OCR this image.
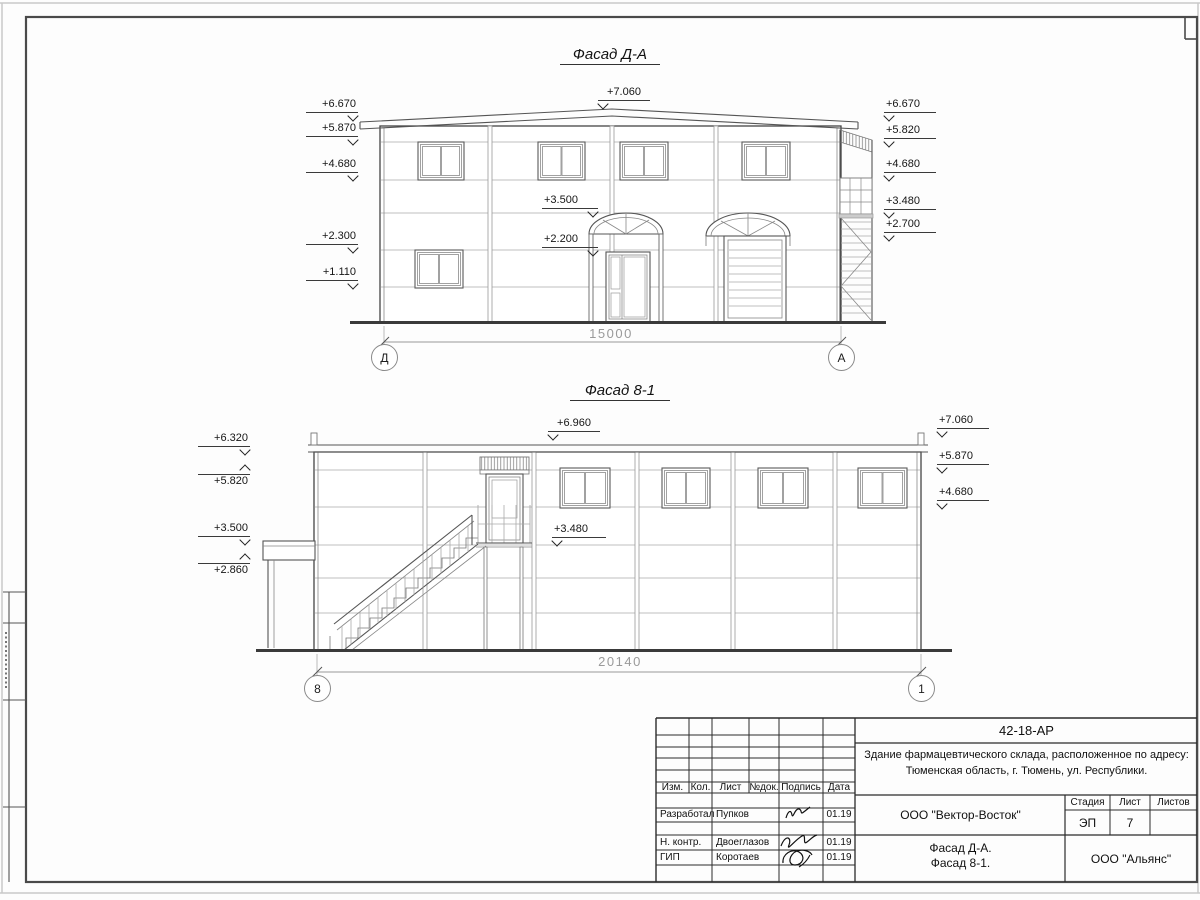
Фасад Д-А
+6.670
+5.870
+4.680
+2.300
+1.110
+7.060
+3.500
+2.200
+6.670
+5.820
+4.680
+3.480
+2.700
15000
Д	А
Фасад 8-1
+6.320
+5.820
+3.500
+2.860
+6.960
+3.480
+7.060
+5.870
+4.680
20140
8	1
42-18-АР
Здание фармацевтического склада, расположенное по адресу:
Тюменская область, г. Тюмень, ул. Республики.
Изм. Кол. Лист №док. Подпись Дата
Разработал Пупков	01.19
Н. контр.	Двоеглазов	01.19
ГИП	Коротаев	01.19
ООО "Вектор-Восток"
Стадия	Лист	Листов
ЭП	7
Фасад Д-А.
Фасад 8-1.	ООО "Альянс"
